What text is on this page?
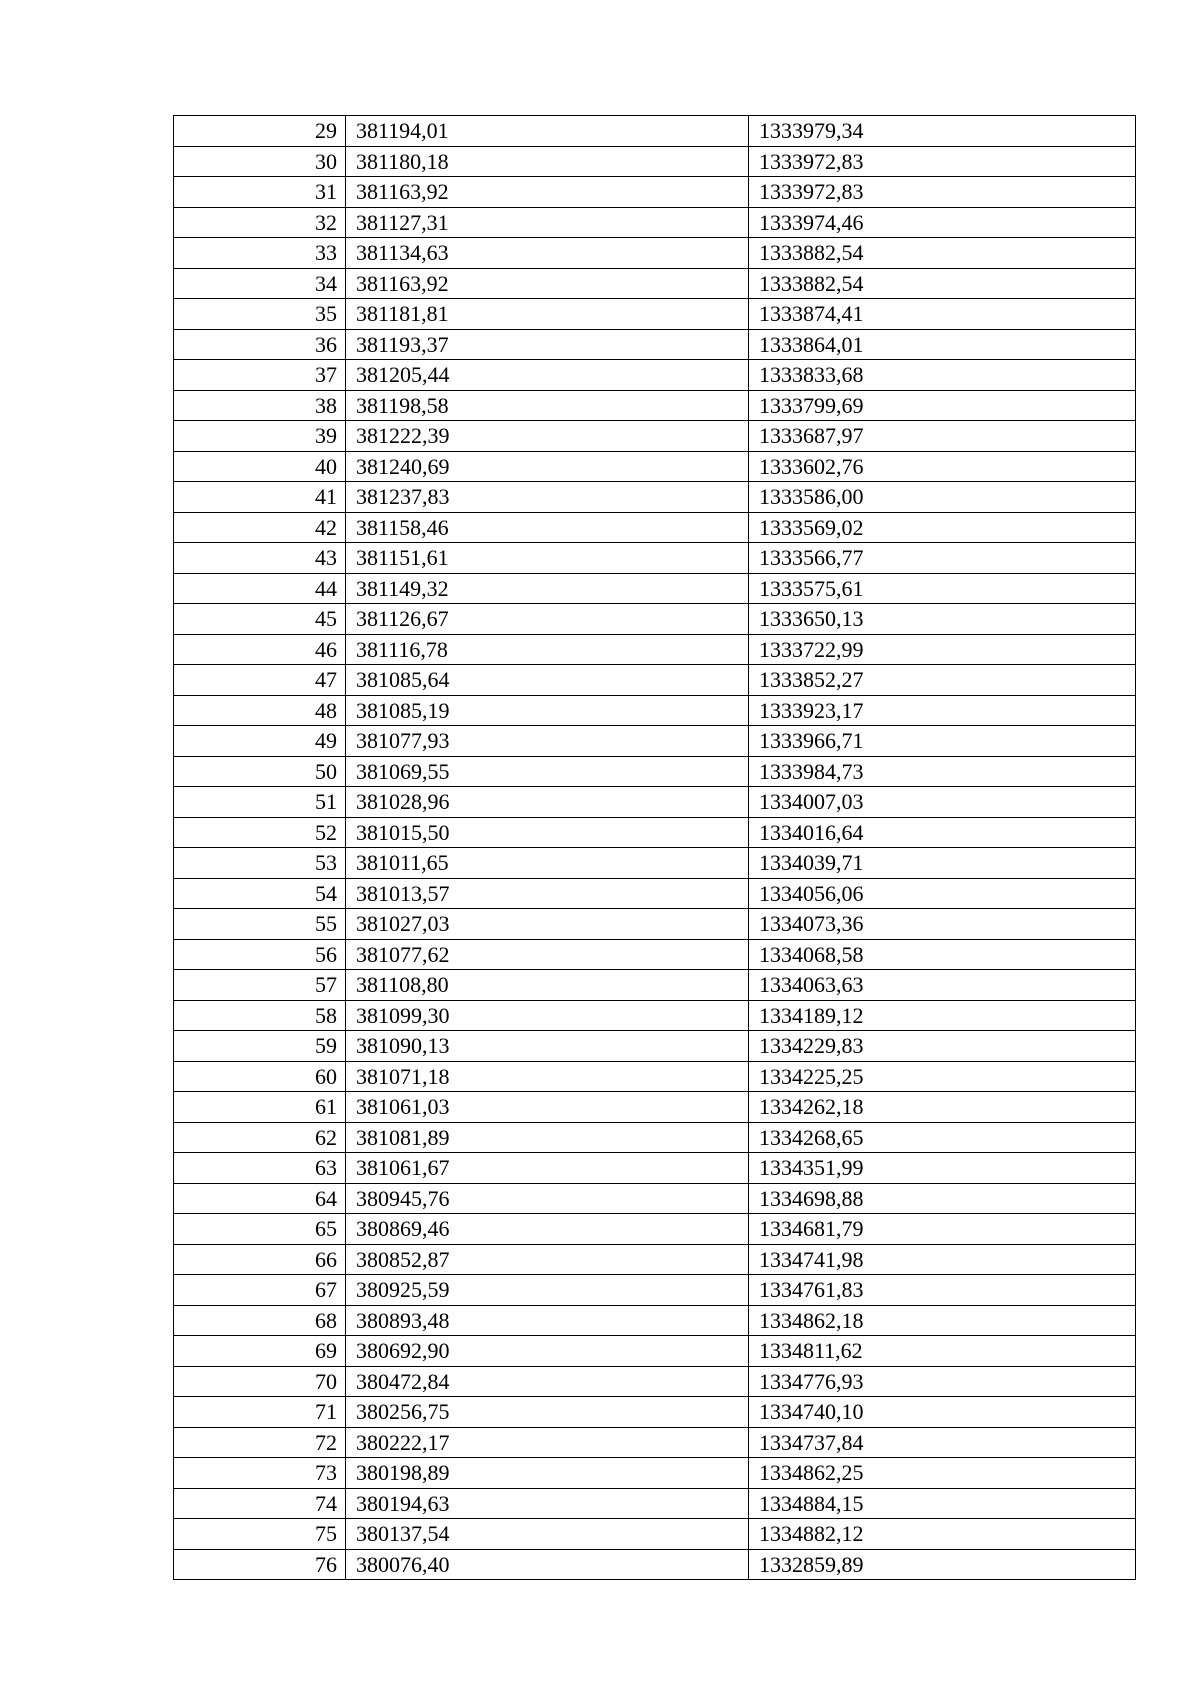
29	381194,01	1333979,34
30	381180,18	1333972,83
31	381163,92	1333972,83
32	381127,31	1333974,46
33	381134,63	1333882,54
34	381163,92	1333882,54
35	381181,81	1333874,41
36	381193,37	1333864,01
37	381205,44	1333833,68
38	381198,58	1333799,69
39	381222,39	1333687,97
40	381240,69	1333602,76
41	381237,83	1333586,00
42	381158,46	1333569,02
43	381151,61	1333566,77
44	381149,32	1333575,61
45	381126,67	1333650,13
46	381116,78	1333722,99
47	381085,64	1333852,27
48	381085,19	1333923,17
49	381077,93	1333966,71
50	381069,55	1333984,73
51	381028,96	1334007,03
52	381015,50	1334016,64
53	381011,65	1334039,71
54	381013,57	1334056,06
55	381027,03	1334073,36
56	381077,62	1334068,58
57	381108,80	1334063,63
58	381099,30	1334189,12
59	381090,13	1334229,83
60	381071,18	1334225,25
61	381061,03	1334262,18
62	381081,89	1334268,65
63	381061,67	1334351,99
64	380945,76	1334698,88
65	380869,46	1334681,79
66	380852,87	1334741,98
67	380925,59	1334761,83
68	380893,48	1334862,18
69	380692,90	1334811,62
70	380472,84	1334776,93
71	380256,75	1334740,10
72	380222,17	1334737,84
73	380198,89	1334862,25
74	380194,63	1334884,15
75	380137,54	1334882,12
76	380076,40	1332859,89
